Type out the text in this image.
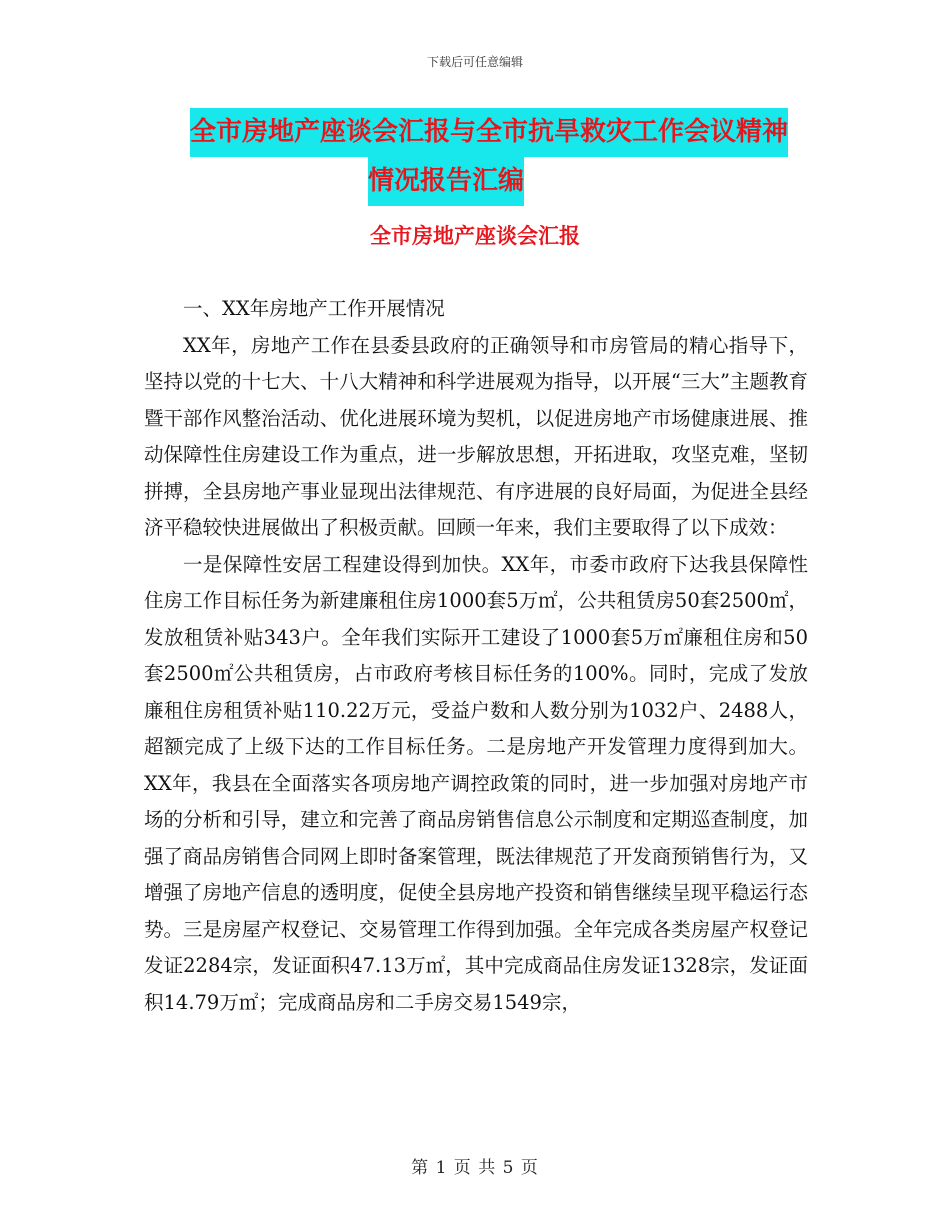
下载后可任意编辑
全市房地产座谈会汇报与全市抗旱救灾工作会议精神
情况报告汇编
全市房地产座谈会汇报

一、XX年房地产工作开展情况

XX年，房地产工作在县委县政府的正确领导和市房管局的精心指导下，坚持以党的十七大、十八大精神和科学进展观为指导，以开展“三大”主题教育暨干部作风整治活动、优化进展环境为契机，以促进房地产市场健康进展、推动保障性住房建设工作为重点，进一步解放思想，开拓进取，攻坚克难，坚韧拼搏，全县房地产事业显现出法律规范、有序进展的良好局面，为促进全县经济平稳较快进展做出了积极贡献。回顾一年来，我们主要取得了以下成效：

一是保障性安居工程建设得到加快。XX年，市委市政府下达我县保障性住房工作目标任务为新建廉租住房1000套5万㎡，公共租赁房50套2500㎡，发放租赁补贴343户。全年我们实际开工建设了1000套5万㎡廉租住房和50套2500㎡公共租赁房，占市政府考核目标任务的100%。同时，完成了发放廉租住房租赁补贴110.22万元，受益户数和人数分别为1032户、2488人，超额完成了上级下达的工作目标任务。二是房地产开发管理力度得到加大。XX年，我县在全面落实各项房地产调控政策的同时，进一步加强对房地产市场的分析和引导，建立和完善了商品房销售信息公示制度和定期巡查制度，加强了商品房销售合同网上即时备案管理，既法律规范了开发商预销售行为，又增强了房地产信息的透明度，促使全县房地产投资和销售继续呈现平稳运行态势。三是房屋产权登记、交易管理工作得到加强。全年完成各类房屋产权登记发证2284宗，发证面积47.13万㎡，其中完成商品住房发证1328宗，发证面积14.79万㎡；完成商品房和二手房交易1549宗，

第 1 页 共 5 页
